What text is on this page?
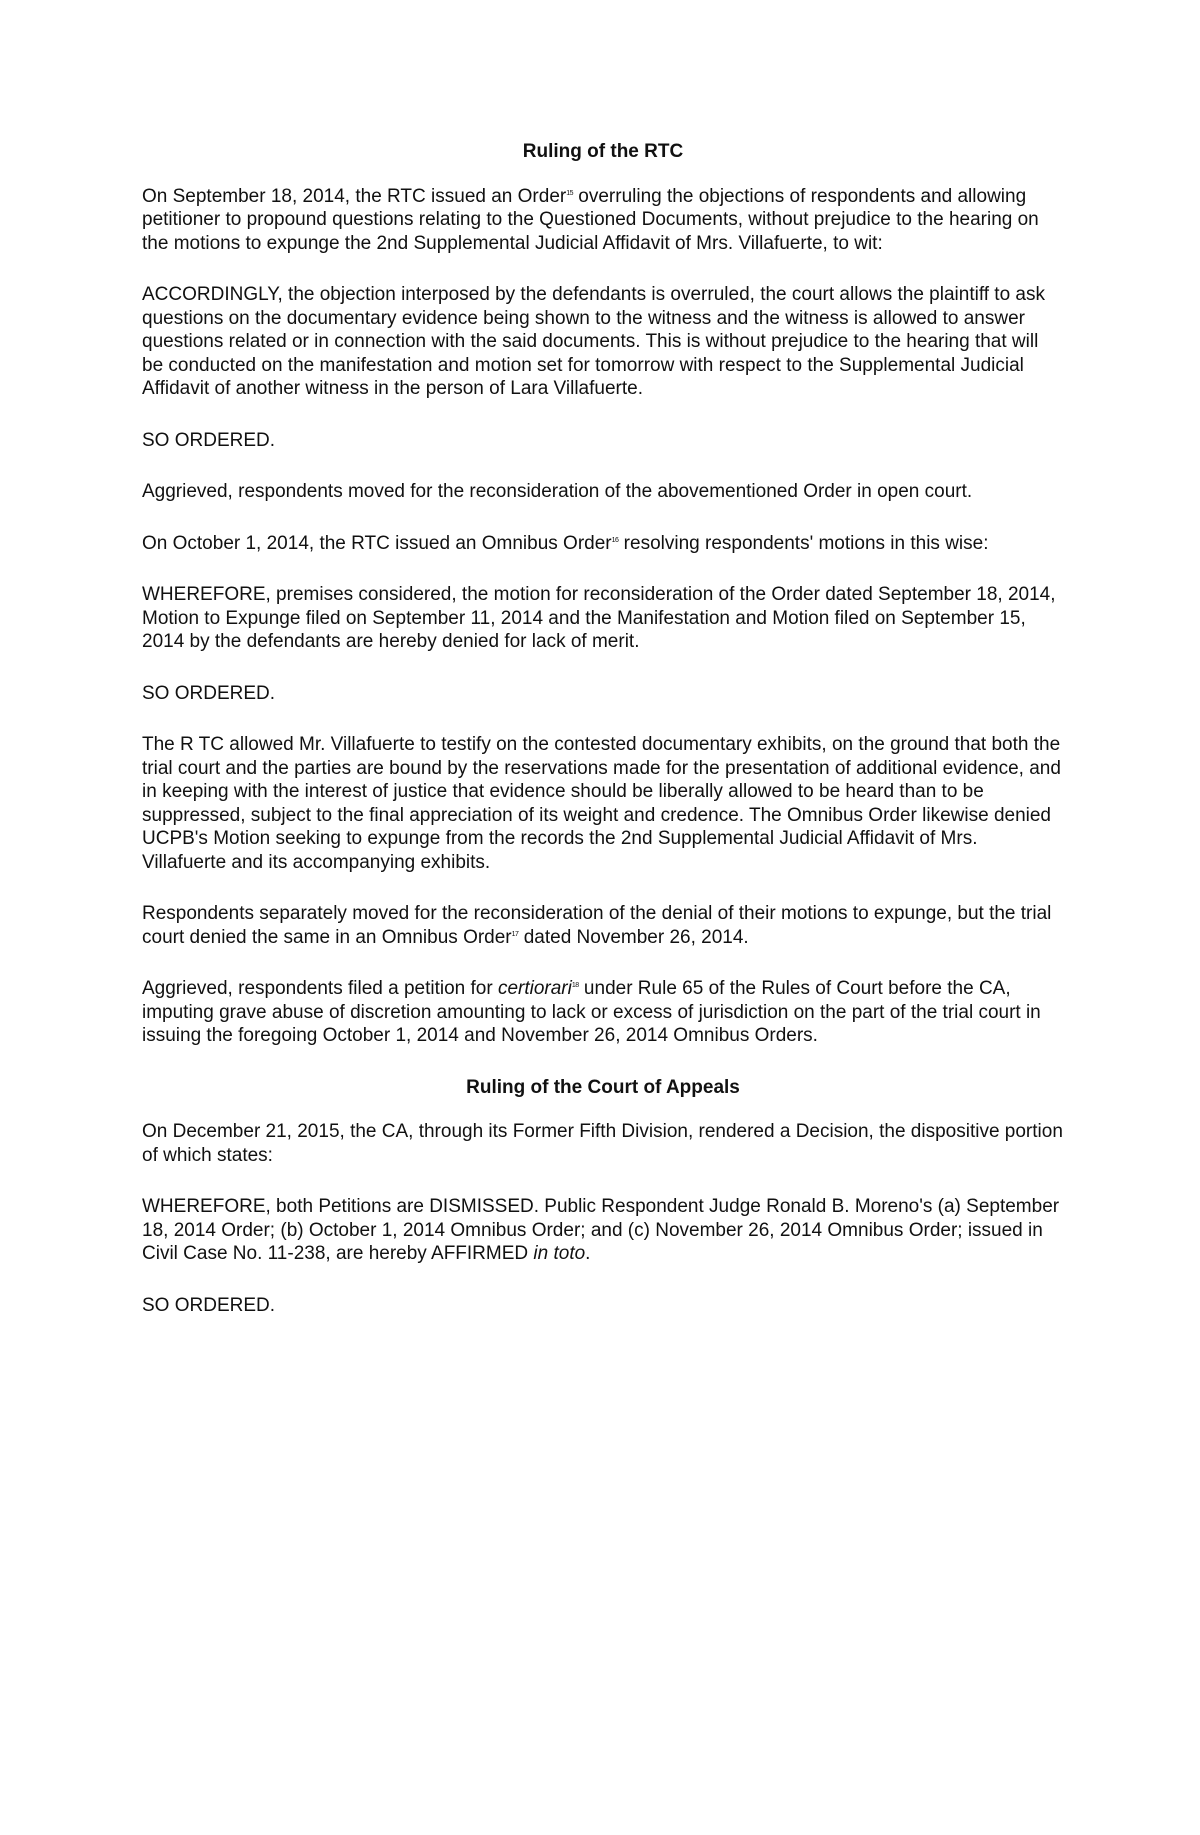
Ruling of the RTC

On September 18, 2014, the RTC issued an Order$^{15}$ overruling the objections of respondents and allowing petitioner to propound questions relating to the Questioned Documents, without prejudice to the hearing on the motions to expunge the 2nd Supplemental Judicial Affidavit of Mrs. Villafuerte, to wit:

ACCORDINGLY, the objection interposed by the defendants is overruled, the court allows the plaintiff to ask questions on the documentary evidence being shown to the witness and the witness is allowed to answer questions related or in connection with the said documents. This is without prejudice to the hearing that will be conducted on the manifestation and motion set for tomorrow with respect to the Supplemental Judicial Affidavit of another witness in the person of Lara Villafuerte.

SO ORDERED.

Aggrieved, respondents moved for the reconsideration of the abovementioned Order in open court.

On October 1, 2014, the RTC issued an Omnibus Order$^{16}$ resolving respondents' motions in this wise:

WHEREFORE, premises considered, the motion for reconsideration of the Order dated September 18, 2014, Motion to Expunge filed on September 11, 2014 and the Manifestation and Motion filed on September 15, 2014 by the defendants are hereby denied for lack of merit.

SO ORDERED.

The R TC allowed Mr. Villafuerte to testify on the contested documentary exhibits, on the ground that both the trial court and the parties are bound by the reservations made for the presentation of additional evidence, and in keeping with the interest of justice that evidence should be liberally allowed to be heard than to be suppressed, subject to the final appreciation of its weight and credence. The Omnibus Order likewise denied UCPB's Motion seeking to expunge from the records the 2nd Supplemental Judicial Affidavit of Mrs. Villafuerte and its accompanying exhibits.

Respondents separately moved for the reconsideration of the denial of their motions to expunge, but the trial court denied the same in an Omnibus Order$^{17}$ dated November 26, 2014.

Aggrieved, respondents filed a petition for certiorari$^{18}$ under Rule 65 of the Rules of Court before the CA, imputing grave abuse of discretion amounting to lack or excess of jurisdiction on the part of the trial court in issuing the foregoing October 1, 2014 and November 26, 2014 Omnibus Orders.

Ruling of the Court of Appeals

On December 21, 2015, the CA, through its Former Fifth Division, rendered a Decision, the dispositive portion of which states:

WHEREFORE, both Petitions are DISMISSED. Public Respondent Judge Ronald B. Moreno's (a) September 18, 2014 Order; (b) October 1, 2014 Omnibus Order; and (c) November 26, 2014 Omnibus Order; issued in Civil Case No. 11-238, are hereby AFFIRMED in toto.

SO ORDERED.
